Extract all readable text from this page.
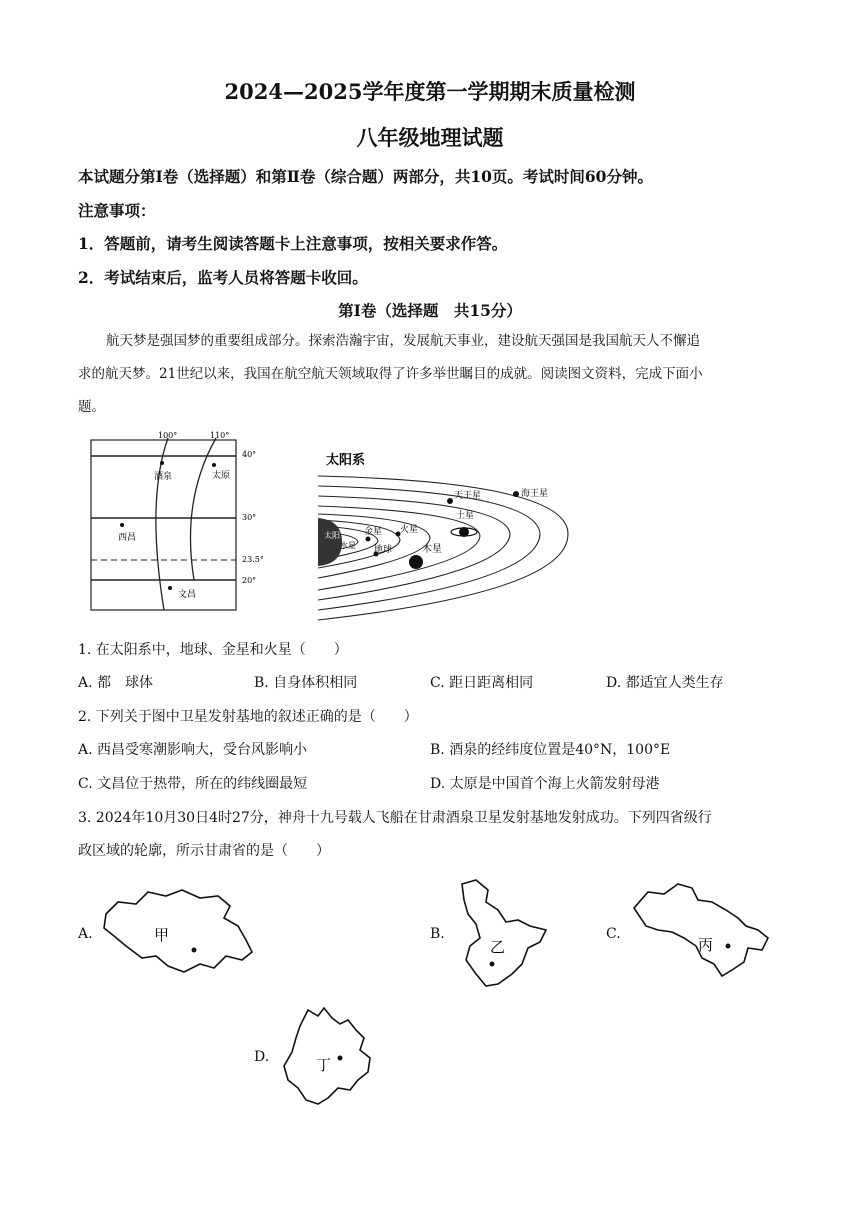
2024—2025学年度第一学期期末质量检测
八年级地理试题
本试题分第Ⅰ卷（选择题）和第Ⅱ卷（综合题）两部分，共10页。考试时间60分钟。
注意事项：
1．答题前，请考生阅读答题卡上注意事项，按相关要求作答。
2．考试结束后，监考人员将答题卡收回。
第Ⅰ卷（选择题　共15分）
航天梦是强国梦的重要组成部分。探索浩瀚宇宙，发展航天事业，建设航天强国是我国航天人不懈追
求的航天梦。21世纪以来，我国在航空航天领域取得了许多举世瞩目的成就。阅读图文资料，完成下面小
题。
100°	110°
40°
30°
23.5°
20°
酒泉	太原
西昌
文昌
太阳系
太阳	金星 火星
水星 地球	木星
土星
天王星	海王星
1. 在太阳系中，地球、金星和火星（　　）
A. 都　球体	B. 自身体积相同	C. 距日距离相同	D. 都适宜人类生存
2. 下列关于图中卫星发射基地的叙述正确的是（　　）
A. 西昌受寒潮影响大，受台风影响小	B. 酒泉的经纬度位置是40°N，100°E
C. 文昌位于热带，所在的纬线圈最短	D. 太原是中国首个海上火箭发射母港
3. 2024年10月30日4时27分，神舟十九号载人飞船在甘肃酒泉卫星发射基地发射成功。下列四省级行
政区域的轮廓，所示甘肃省的是（　　）
A.	甲	B.
乙
C.
丙
D.	丁
